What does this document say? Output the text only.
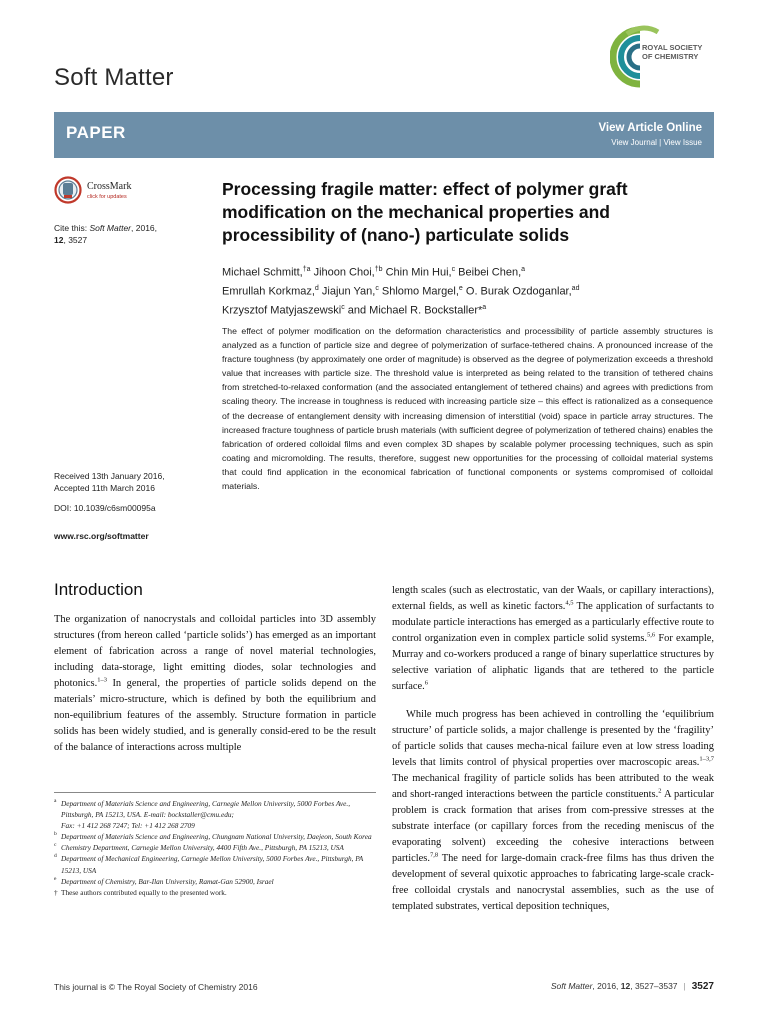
Soft Matter
ROYAL SOCIETY
OF CHEMISTRY
PAPER	View Article Online
View Journal | View Issue
CrossMark
click for updates
Cite this: Soft Matter, 2016,
12, 3527
Received 13th January 2016,
Accepted 11th March 2016
DOI: 10.1039/c6sm00095a
www.rsc.org/softmatter
Processing fragile matter: effect of polymer graft modification on the mechanical properties and processibility of (nano-) particulate solids
Michael Schmitt,$^{\dagger a}$ Jihoon Choi,$^{\dagger b}$ Chin Min Hui,$^c$ Beibei Chen,$^a$
Emrullah Korkmaz,$^d$ Jiajun Yan,$^c$ Shlomo Margel,$^e$ O. Burak Ozdoganlar,$^{ad}$
Krzysztof Matyjaszewski$^c$ and Michael R. Bockstaller*$^a$

The effect of polymer modification on the deformation characteristics and processibility of particle assembly structures is analyzed as a function of particle size and degree of polymerization of surface-tethered chains. A pronounced increase of the fracture toughness (by approximately one order of magnitude) is observed as the degree of polymerization exceeds a threshold value that increases with particle size. The threshold value is interpreted as being related to the transition of tethered chains from stretched-to-relaxed conformation (and the associated entanglement of tethered chains) and agrees with predictions from scaling theory. The increase in toughness is reduced with increasing particle size – this effect is rationalized as a consequence of the decrease of entanglement density with increasing dimension of interstitial (void) space in particle array structures. The increased fracture toughness of particle brush materials (with sufficient degree of polymerization of tethered chains) enables the fabrication of ordered colloidal films and even complex 3D shapes by scalable polymer processing techniques, such as spin coating and micromolding. The results, therefore, suggest new opportunities for the processing of colloidal material systems that could find application in the economical fabrication of functional components or systems compromised of colloidal materials.

Introduction

The organization of nanocrystals and colloidal particles into 3D assembly structures (from hereon called ‘particle solids’) has emerged as an important element of fabrication across a range of novel material technologies, including data-storage, light emitting diodes, solar technologies and photonics.$^{1-3}$ In general, the properties of particle solids depend on the materials’ micro-structure, which is defined by both the equilibrium and non-equilibrium features of the assembly. Structure formation in particle solids has been widely studied, and is generally consid-ered to be the result of the balance of interactions across multiple

length scales (such as electrostatic, van der Waals, or capillary interactions), external fields, as well as kinetic factors.$^{4,5}$ The application of surfactants to modulate particle interactions has emerged as a particularly effective route to control organization even in complex particle solid systems.$^{5,6}$ For example, Murray and co-workers produced a range of binary superlattice structures by selective variation of aliphatic ligands that are tethered to the particle surface.$^6$

While much progress has been achieved in controlling the ‘equilibrium structure’ of particle solids, a major challenge is presented by the ‘fragility’ of particle solids that causes mecha-nical failure even at low stress loading levels that limits control of physical properties over macroscopic areas.$^{1-3,7}$ The mechanical fragility of particle solids has been attributed to the weak and short-ranged interactions between the particle constituents.$^2$ A particular problem is crack formation that arises from com-pressive stresses at the substrate interface (or capillary forces from the receding meniscus of the evaporating solvent) exceeding the cohesive interactions between particles.$^{7,8}$ The need for large-domain crack-free films has thus driven the development of several quixotic approaches to fabricating large-scale crack-free colloidal crystals and nanocrystal assemblies, such as the use of templated substrates, vertical deposition techniques,

a Department of Materials Science and Engineering, Carnegie Mellon University, 5000 Forbes Ave., Pittsburgh, PA 15213, USA. E-mail: bockstaller@cmu.edu;
Fax: +1 412 268 7247; Tel: +1 412 268 2709
b Department of Materials Science and Engineering, Chungnam National University, Daejeon, South Korea
c Chemistry Department, Carnegie Mellon University, 4400 Fifth Ave., Pittsburgh, PA 15213, USA
d Department of Mechanical Engineering, Carnegie Mellon University, 5000 Forbes Ave., Pittsburgh, PA 15213, USA
e Department of Chemistry, Bar-Ilan University, Ramat-Gan 52900, Israel
† These authors contributed equally to the presented work.
This journal is © The Royal Society of Chemistry 2016	Soft Matter, 2016, 12, 3527–3537 | 3527
